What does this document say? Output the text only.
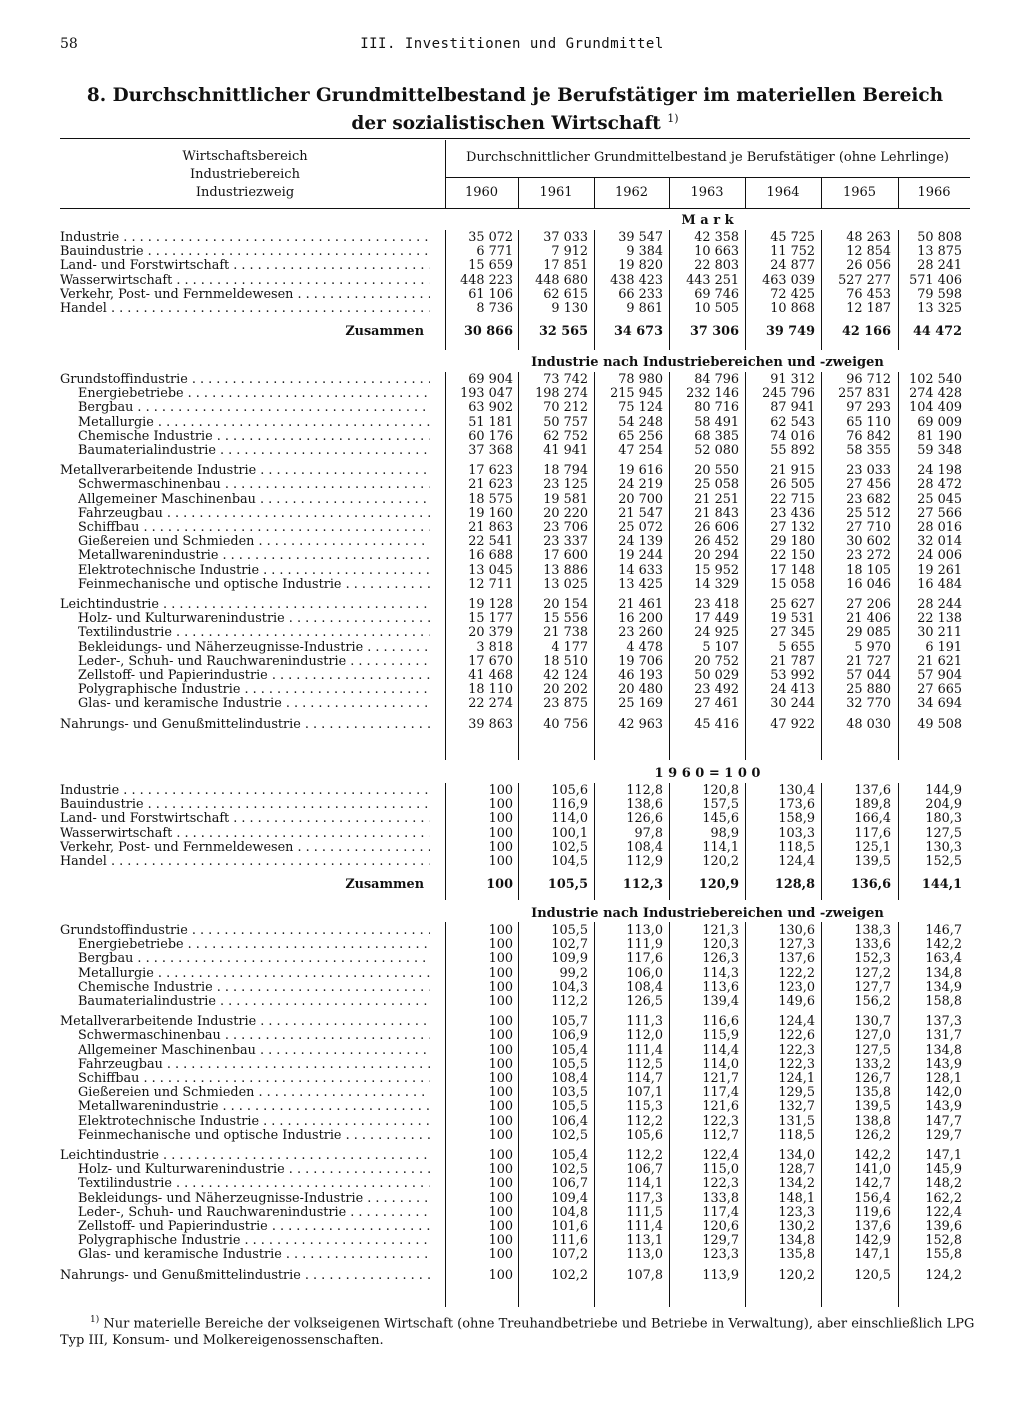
58	III. Investitionen und Grundmittel
8. Durchschnittlicher Grundmittelbestand je Berufstätiger im materiellen Bereich
der sozialistischen Wirtschaft $^{1)}$
Wirtschaftsbereich
Industriebereich
Industriezweig
Durchschnittlicher Grundmittelbestand je Berufstätiger (ohne Lehrlinge)
1960	1961	1962	1963	1964	1965	1966
M a r k
Industrie . . .	35 072	37 033	39 547	42 358	45 725	48 263	50 808
Bauindustrie . . .	6 771	7 912	9 384	10 663	11 752	12 854	13 875
Land- und Forstwirtschaft . . .	15 659	17 851	19 820	22 803	24 877	26 056	28 241
Wasserwirtschaft . . .	448 223	448 680	438 423	443 251	463 039	527 277	571 406
Verkehr, Post- und Fernmeldewesen . . .	61 106	62 615	66 233	69 746	72 425	76 453	79 598
Handel . . .	8 736	9 130	9 861	10 505	10 868	12 187	13 325
Zusammen	30 866	32 565	34 673	37 306	39 749	42 166	44 472
Industrie nach Industriebereichen und -zweigen
Grundstoffindustrie . . .	69 904	73 742	78 980	84 796	91 312	96 712	102 540
Energiebetriebe . . .	193 047	198 274	215 945	232 146	245 796	257 831	274 428
Bergbau . . .	63 902	70 212	75 124	80 716	87 941	97 293	104 409
Metallurgie . . .	51 181	50 757	54 248	58 491	62 543	65 110	69 009
Chemische Industrie . . .	60 176	62 752	65 256	68 385	74 016	76 842	81 190
Baumaterialindustrie . . .	37 368	41 941	47 254	52 080	55 892	58 355	59 348
Metallverarbeitende Industrie . . .	17 623	18 794	19 616	20 550	21 915	23 033	24 198
Schwermaschinenbau . . .	21 623	23 125	24 219	25 058	26 505	27 456	28 472
Allgemeiner Maschinenbau . . .	18 575	19 581	20 700	21 251	22 715	23 682	25 045
Fahrzeugbau . . .	19 160	20 220	21 547	21 843	23 436	25 512	27 566
Schiffbau . . .	21 863	23 706	25 072	26 606	27 132	27 710	28 016
Gießereien und Schmieden . . .	22 541	23 337	24 139	26 452	29 180	30 602	32 014
Metallwarenindustrie . . .	16 688	17 600	19 244	20 294	22 150	23 272	24 006
Elektrotechnische Industrie . . .	13 045	13 886	14 633	15 952	17 148	18 105	19 261
Feinmechanische und optische Industrie . . .	12 711	13 025	13 425	14 329	15 058	16 046	16 484
Leichtindustrie . . .	19 128	20 154	21 461	23 418	25 627	27 206	28 244
Holz- und Kulturwarenindustrie . . .	15 177	15 556	16 200	17 449	19 531	21 406	22 138
Textilindustrie . . .	20 379	21 738	23 260	24 925	27 345	29 085	30 211
Bekleidungs- und Näherzeugnisse-Industrie . . .	3 818	4 177	4 478	5 107	5 655	5 970	6 191
Leder-, Schuh- und Rauchwarenindustrie . . .	17 670	18 510	19 706	20 752	21 787	21 727	21 621
Zellstoff- und Papierindustrie . . .	41 468	42 124	46 193	50 029	53 992	57 044	57 904
Polygraphische Industrie . . .	18 110	20 202	20 480	23 492	24 413	25 880	27 665
Glas- und keramische Industrie . . .	22 274	23 875	25 169	27 461	30 244	32 770	34 694
Nahrungs- und Genußmittelindustrie . . .	39 863	40 756	42 963	45 416	47 922	48 030	49 508
1 9 6 0 = 1 0 0
Industrie . . .	100	105,6	112,8	120,8	130,4	137,6	144,9
Bauindustrie . . .	100	116,9	138,6	157,5	173,6	189,8	204,9
Land- und Forstwirtschaft . . .	100	114,0	126,6	145,6	158,9	166,4	180,3
Wasserwirtschaft . . .	100	100,1	97,8	98,9	103,3	117,6	127,5
Verkehr, Post- und Fernmeldewesen . . .	100	102,5	108,4	114,1	118,5	125,1	130,3
Handel . . .	100	104,5	112,9	120,2	124,4	139,5	152,5
Zusammen	100	105,5	112,3	120,9	128,8	136,6	144,1
Industrie nach Industriebereichen und -zweigen
Grundstoffindustrie . . .	100	105,5	113,0	121,3	130,6	138,3	146,7
Energiebetriebe . . .	100	102,7	111,9	120,3	127,3	133,6	142,2
Bergbau . . .	100	109,9	117,6	126,3	137,6	152,3	163,4
Metallurgie . . .	100	99,2	106,0	114,3	122,2	127,2	134,8
Chemische Industrie . . .	100	104,3	108,4	113,6	123,0	127,7	134,9
Baumaterialindustrie . . .	100	112,2	126,5	139,4	149,6	156,2	158,8
Metallverarbeitende Industrie . . .	100	105,7	111,3	116,6	124,4	130,7	137,3
Schwermaschinenbau . . .	100	106,9	112,0	115,9	122,6	127,0	131,7
Allgemeiner Maschinenbau . . .	100	105,4	111,4	114,4	122,3	127,5	134,8
Fahrzeugbau . . .	100	105,5	112,5	114,0	122,3	133,2	143,9
Schiffbau . . .	100	108,4	114,7	121,7	124,1	126,7	128,1
Gießereien und Schmieden . . .	100	103,5	107,1	117,4	129,5	135,8	142,0
Metallwarenindustrie . . .	100	105,5	115,3	121,6	132,7	139,5	143,9
Elektrotechnische Industrie . . .	100	106,4	112,2	122,3	131,5	138,8	147,7
Feinmechanische und optische Industrie . . .	100	102,5	105,6	112,7	118,5	126,2	129,7
Leichtindustrie . . .	100	105,4	112,2	122,4	134,0	142,2	147,1
Holz- und Kulturwarenindustrie . . .	100	102,5	106,7	115,0	128,7	141,0	145,9
Textilindustrie . . .	100	106,7	114,1	122,3	134,2	142,7	148,2
Bekleidungs- und Näherzeugnisse-Industrie . . .	100	109,4	117,3	133,8	148,1	156,4	162,2
Leder-, Schuh- und Rauchwarenindustrie . . .	100	104,8	111,5	117,4	123,3	119,6	122,4
Zellstoff- und Papierindustrie . . .	100	101,6	111,4	120,6	130,2	137,6	139,6
Polygraphische Industrie . . .	100	111,6	113,1	129,7	134,8	142,9	152,8
Glas- und keramische Industrie . . .	100	107,2	113,0	123,3	135,8	147,1	155,8
Nahrungs- und Genußmittelindustrie . . .	100	102,2	107,8	113,9	120,2	120,5	124,2
$^{1)}$ Nur materielle Bereiche der volkseigenen Wirtschaft (ohne Treuhandbetriebe und Betriebe in Verwaltung), aber einschließlich LPG Typ III, Konsum- und Molkereigenossenschaften.
